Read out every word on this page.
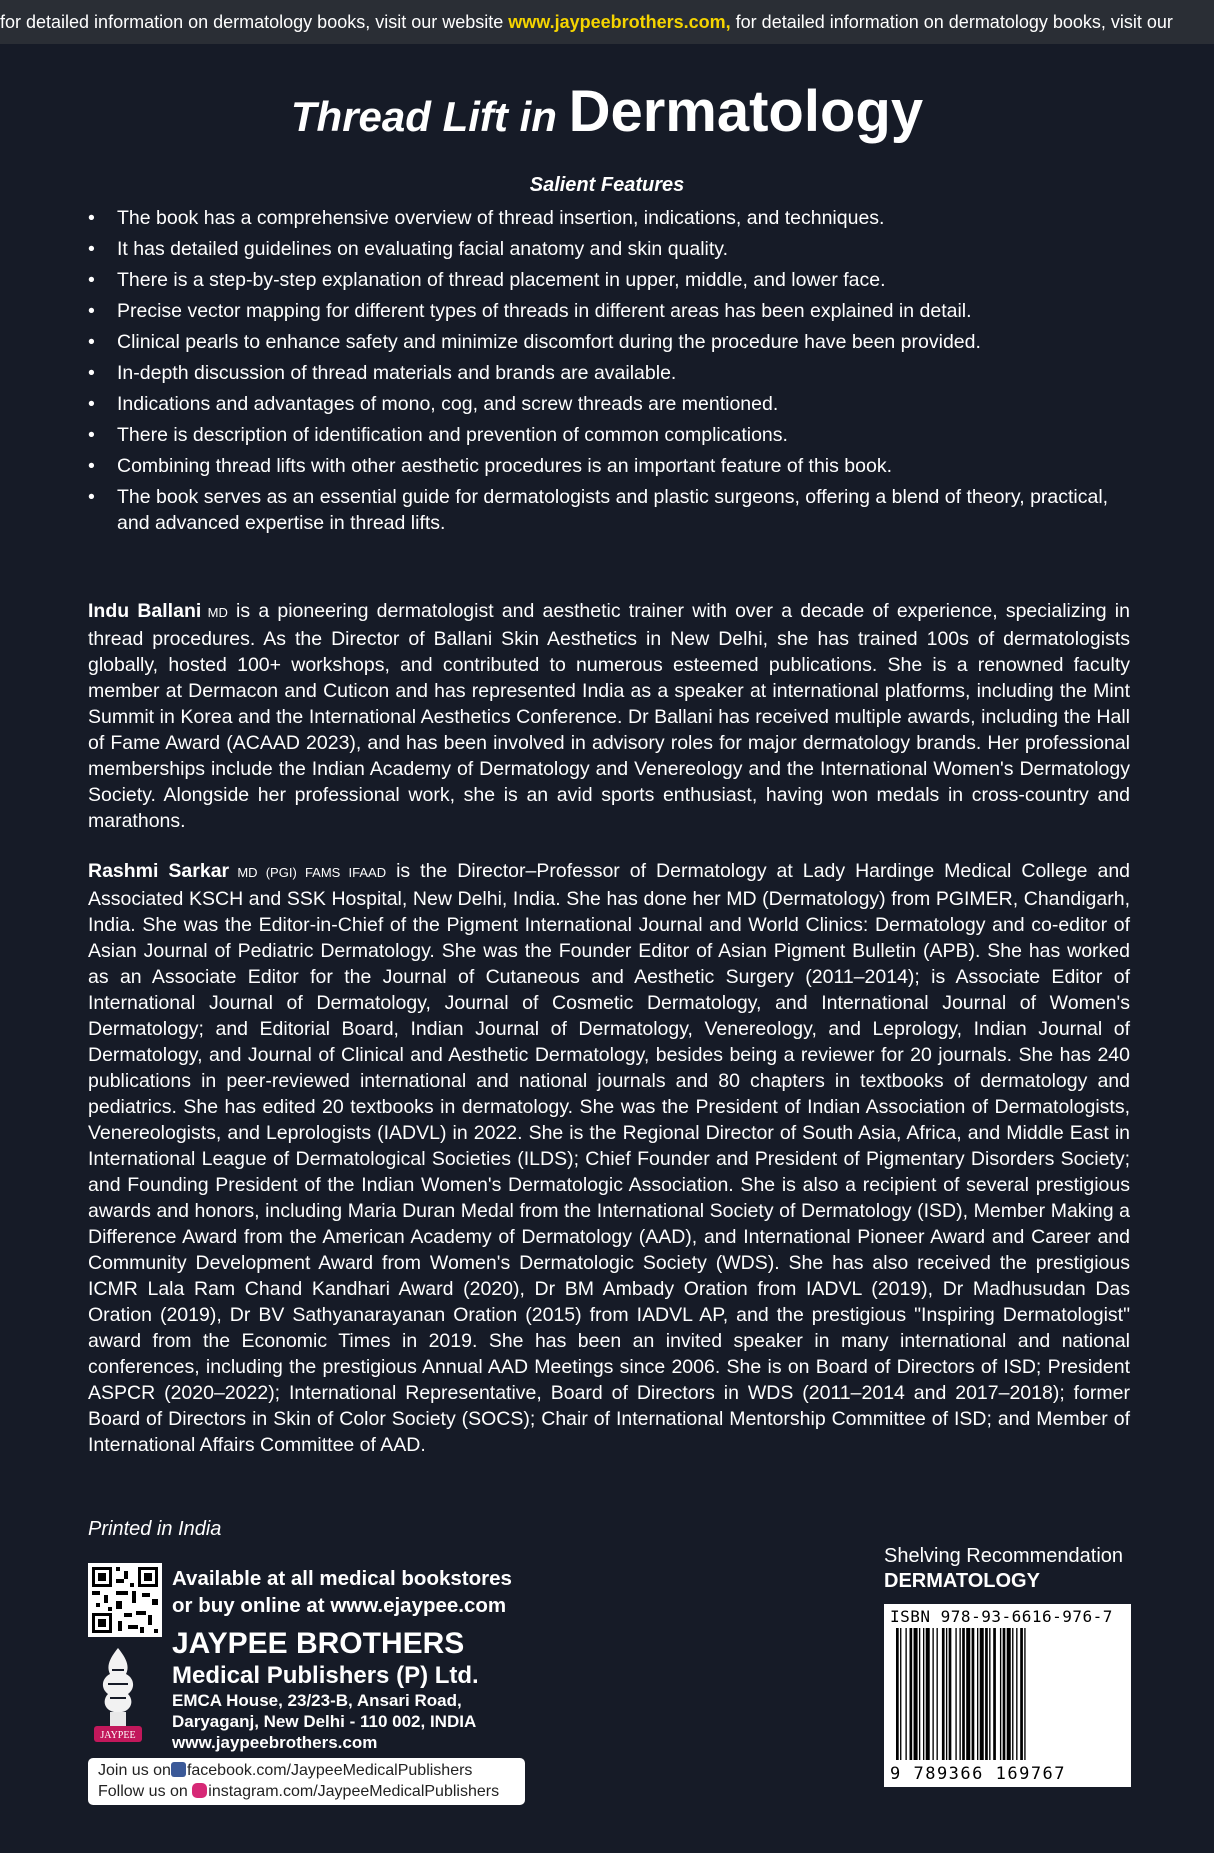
for detailed information on dermatology books, visit our website www.jaypeebrothers.com, for detailed information on dermatology books, visit our
Thread Lift in Dermatology
Salient Features
• The book has a comprehensive overview of thread insertion, indications, and techniques.
• It has detailed guidelines on evaluating facial anatomy and skin quality.
• There is a step-by-step explanation of thread placement in upper, middle, and lower face.
• Precise vector mapping for different types of threads in different areas has been explained in detail.
• Clinical pearls to enhance safety and minimize discomfort during the procedure have been provided.
• In-depth discussion of thread materials and brands are available.
• Indications and advantages of mono, cog, and screw threads are mentioned.
• There is description of identification and prevention of common complications.
• Combining thread lifts with other aesthetic procedures is an important feature of this book.
• The book serves as an essential guide for dermatologists and plastic surgeons, offering a blend of theory, practical, and advanced expertise in thread lifts.

Indu Ballani MD is a pioneering dermatologist and aesthetic trainer with over a decade of experience, specializing in thread procedures. As the Director of Ballani Skin Aesthetics in New Delhi, she has trained 100s of dermatologists globally, hosted 100+ workshops, and contributed to numerous esteemed publications. She is a renowned faculty member at Dermacon and Cuticon and has represented India as a speaker at international platforms, including the Mint Summit in Korea and the International Aesthetics Conference. Dr Ballani has received multiple awards, including the Hall of Fame Award (ACAAD 2023), and has been involved in advisory roles for major dermatology brands. Her professional memberships include the Indian Academy of Dermatology and Venereology and the International Women's Dermatology Society. Alongside her professional work, she is an avid sports enthusiast, having won medals in cross-country and marathons.

Rashmi Sarkar MD (PGI) FAMS IFAAD is the Director–Professor of Dermatology at Lady Hardinge Medical College and Associated KSCH and SSK Hospital, New Delhi, India. She has done her MD (Dermatology) from PGIMER, Chandigarh, India. She was the Editor-in-Chief of the Pigment International Journal and World Clinics: Dermatology and co-editor of Asian Journal of Pediatric Dermatology. She was the Founder Editor of Asian Pigment Bulletin (APB). She has worked as an Associate Editor for the Journal of Cutaneous and Aesthetic Surgery (2011–2014); is Associate Editor of International Journal of Dermatology, Journal of Cosmetic Dermatology, and International Journal of Women's Dermatology; and Editorial Board, Indian Journal of Dermatology, Venereology, and Leprology, Indian Journal of Dermatology, and Journal of Clinical and Aesthetic Dermatology, besides being a reviewer for 20 journals. She has 240 publications in peer-reviewed international and national journals and 80 chapters in textbooks of dermatology and pediatrics. She has edited 20 textbooks in dermatology. She was the President of Indian Association of Dermatologists, Venereologists, and Leprologists (IADVL) in 2022. She is the Regional Director of South Asia, Africa, and Middle East in International League of Dermatological Societies (ILDS); Chief Founder and President of Pigmentary Disorders Society; and Founding President of the Indian Women's Dermatologic Association. She is also a recipient of several prestigious awards and honors, including Maria Duran Medal from the International Society of Dermatology (ISD), Member Making a Difference Award from the American Academy of Dermatology (AAD), and International Pioneer Award and Career and Community Development Award from Women's Dermatologic Society (WDS). She has also received the prestigious ICMR Lala Ram Chand Kandhari Award (2020), Dr BM Ambady Oration from IADVL (2019), Dr Madhusudan Das Oration (2019), Dr BV Sathyanarayanan Oration (2015) from IADVL AP, and the prestigious "Inspiring Dermatologist" award from the Economic Times in 2019. She has been an invited speaker in many international and national conferences, including the prestigious Annual AAD Meetings since 2006. She is on Board of Directors of ISD; President ASPCR (2020–2022); International Representative, Board of Directors in WDS (2011–2014 and 2017–2018); former Board of Directors in Skin of Color Society (SOCS); Chair of International Mentorship Committee of ISD; and Member of International Affairs Committee of AAD.

Printed in India
Available at all medical bookstores
or buy online at www.ejaypee.com
JAYPEE
JAYPEE BROTHERS
Medical Publishers (P) Ltd.
EMCA House, 23/23-B, Ansari Road,
Daryaganj, New Delhi - 110 002, INDIA
www.jaypeebrothers.com
Join us on facebook.com/JaypeeMedicalPublishers
Follow us on instagram.com/JaypeeMedicalPublishers
Shelving Recommendation
DERMATOLOGY
ISBN 978-93-6616-976-7
9 789366 169767
